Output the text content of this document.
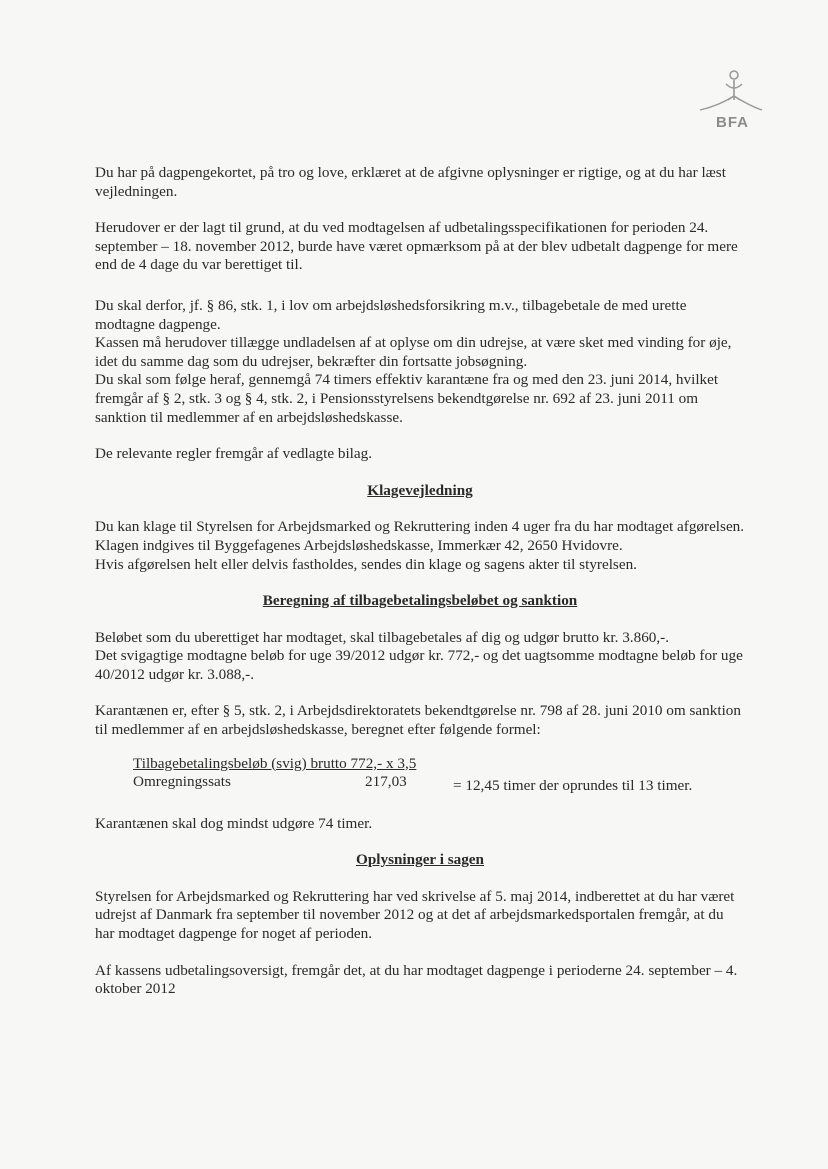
BFA

Du har på dagpengekortet, på tro og love, erklæret at de afgivne oplysninger er rigtige, og at du har læst vejledningen.

Herudover er der lagt til grund, at du ved modtagelsen af udbetalingsspecifikationen for perioden 24. september – 18. november 2012, burde have været opmærksom på at der blev udbetalt dagpenge for mere end de 4 dage du var berettiget til.

Du skal derfor, jf. § 86, stk. 1, i lov om arbejdsløshedsforsikring m.v., tilbagebetale de med urette modtagne dagpenge.

Kassen må herudover tillægge undladelsen af at oplyse om din udrejse, at være sket med vinding for øje, idet du samme dag som du udrejser, bekræfter din fortsatte jobsøgning.

Du skal som følge heraf, gennemgå 74 timers effektiv karantæne fra og med den 23. juni 2014, hvilket fremgår af § 2, stk. 3 og § 4, stk. 2, i Pensionsstyrelsens bekendtgørelse nr. 692 af 23. juni 2011 om sanktion til medlemmer af en arbejdsløshedskasse.

De relevante regler fremgår af vedlagte bilag.

Klagevejledning

Du kan klage til Styrelsen for Arbejdsmarked og Rekruttering inden 4 uger fra du har modtaget afgørelsen.

Klagen indgives til Byggefagenes Arbejdsløshedskasse, Immerkær 42, 2650 Hvidovre.

Hvis afgørelsen helt eller delvis fastholdes, sendes din klage og sagens akter til styrelsen.

Beregning af tilbagebetalingsbeløbet og sanktion

Beløbet som du uberettiget har modtaget, skal tilbagebetales af dig og udgør brutto kr. 3.860,-.

Det svigagtige modtagne beløb for uge 39/2012 udgør kr. 772,- og det uagtsomme modtagne beløb for uge 40/2012 udgør kr. 3.088,-.

Karantænen er, efter § 5, stk. 2, i Arbejdsdirektoratets bekendtgørelse nr. 798 af 28. juni 2010 om sanktion til medlemmer af en arbejdsløshedskasse, beregnet efter følgende formel:

Tilbagebetalingsbeløb (svig) brutto 772,- x 3,5
Omregningssats	217,03	= 12,45 timer der oprundes til 13 timer.

Karantænen skal dog mindst udgøre 74 timer.

Oplysninger i sagen

Styrelsen for Arbejdsmarked og Rekruttering har ved skrivelse af 5. maj 2014, indberettet at du har været udrejst af Danmark fra september til november 2012 og at det af arbejdsmarkedsportalen fremgår, at du har modtaget dagpenge for noget af perioden.

Af kassens udbetalingsoversigt, fremgår det, at du har modtaget dagpenge i perioderne 24. september – 4. oktober 2012
